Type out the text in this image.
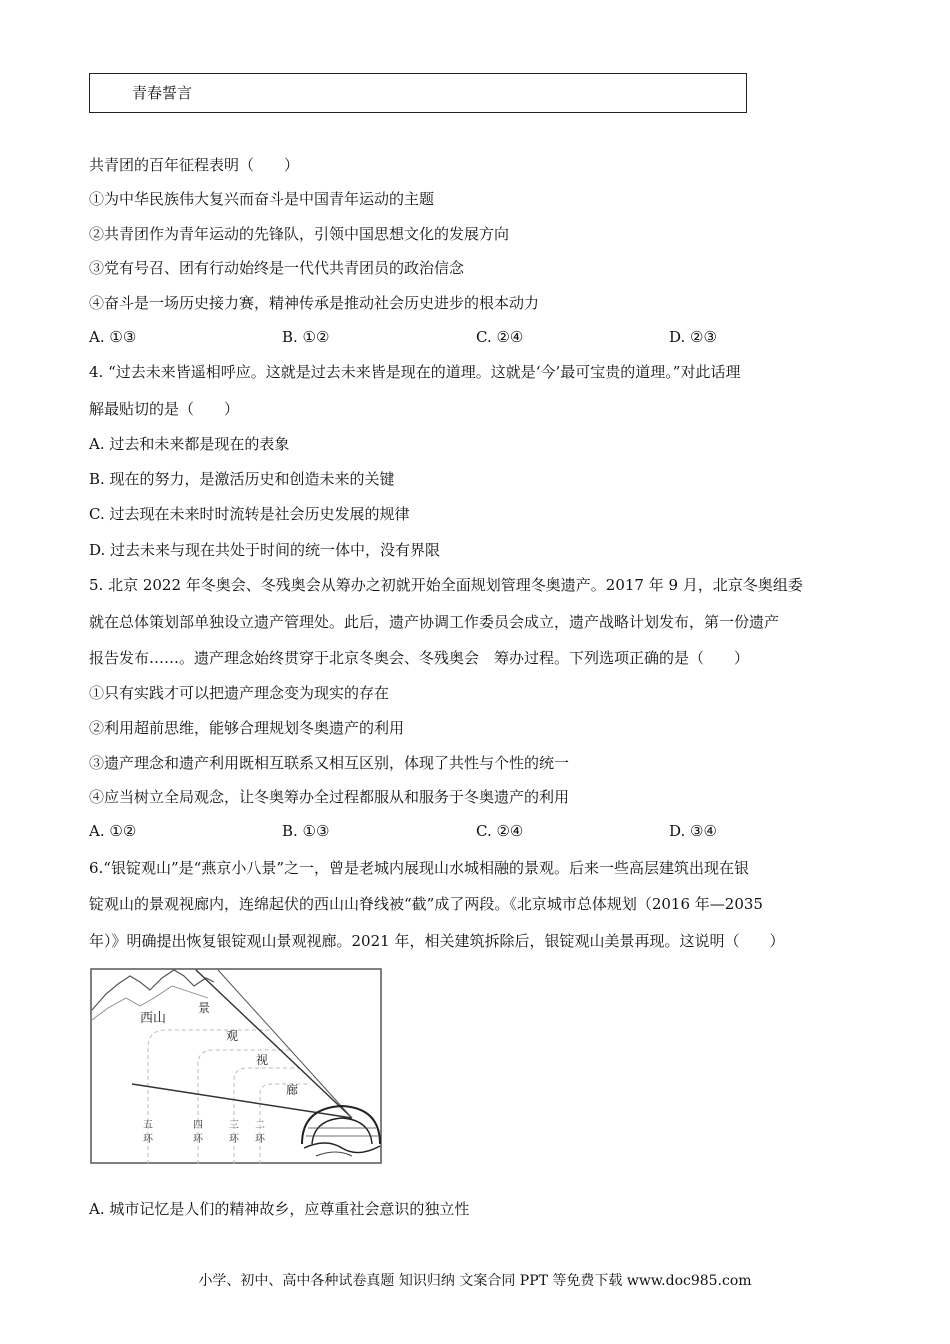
青春誓言
共青团的百年征程表明（　　）
①为中华民族伟大复兴而奋斗是中国青年运动的主题
②共青团作为青年运动的先锋队，引领中国思想文化的发展方向
③党有号召、团有行动始终是一代代共青团员的政治信念
④奋斗是一场历史接力赛，精神传承是推动社会历史进步的根本动力
A. ①③	B. ①②	C. ②④	D. ②③
4. “过去未来皆遥相呼应。这就是过去未来皆是现在的道理。这就是‘今’最可宝贵的道理。”对此话理
解最贴切的是（　　）
A. 过去和未来都是现在的表象
B. 现在的努力，是激活历史和创造未来的关键
C. 过去现在未来时时流转是社会历史发展的规律
D. 过去未来与现在共处于时间的统一体中，没有界限
5. 北京 2022 年冬奥会、冬残奥会从筹办之初就开始全面规划管理冬奥遗产。2017 年 9 月，北京冬奥组委
就在总体策划部单独设立遗产管理处。此后，遗产协调工作委员会成立，遗产战略计划发布，第一份遗产
报告发布……。遗产理念始终贯穿于北京冬奥会、冬残奥会　筹办过程。下列选项正确的是（　　）
①只有实践才可以把遗产理念变为现实的存在
②利用超前思维，能够合理规划冬奥遗产的利用
③遗产理念和遗产利用既相互联系又相互区别，体现了共性与个性的统一
④应当树立全局观念，让冬奥筹办全过程都服从和服务于冬奥遗产的利用
A. ①②	B. ①③	C. ②④	D. ③④
6.“银锭观山”是“燕京小八景”之一，曾是老城内展现山水城相融的景观。后来一些高层建筑出现在银
锭观山的景观视廊内，连绵起伏的西山山脊线被“截”成了两段。《北京城市总体规划（2016 年—2035
年）》明确提出恢复银锭观山景观视廊。2021 年，相关建筑拆除后，银锭观山美景再现。这说明（　　）
西山
景
观
视
廊
五
环
四
环
三
环
二
环
A. 城市记忆是人们的精神故乡，应尊重社会意识的独立性
小学、初中、高中各种试卷真题 知识归纳 文案合同 PPT 等免费下载 www.doc985.com
